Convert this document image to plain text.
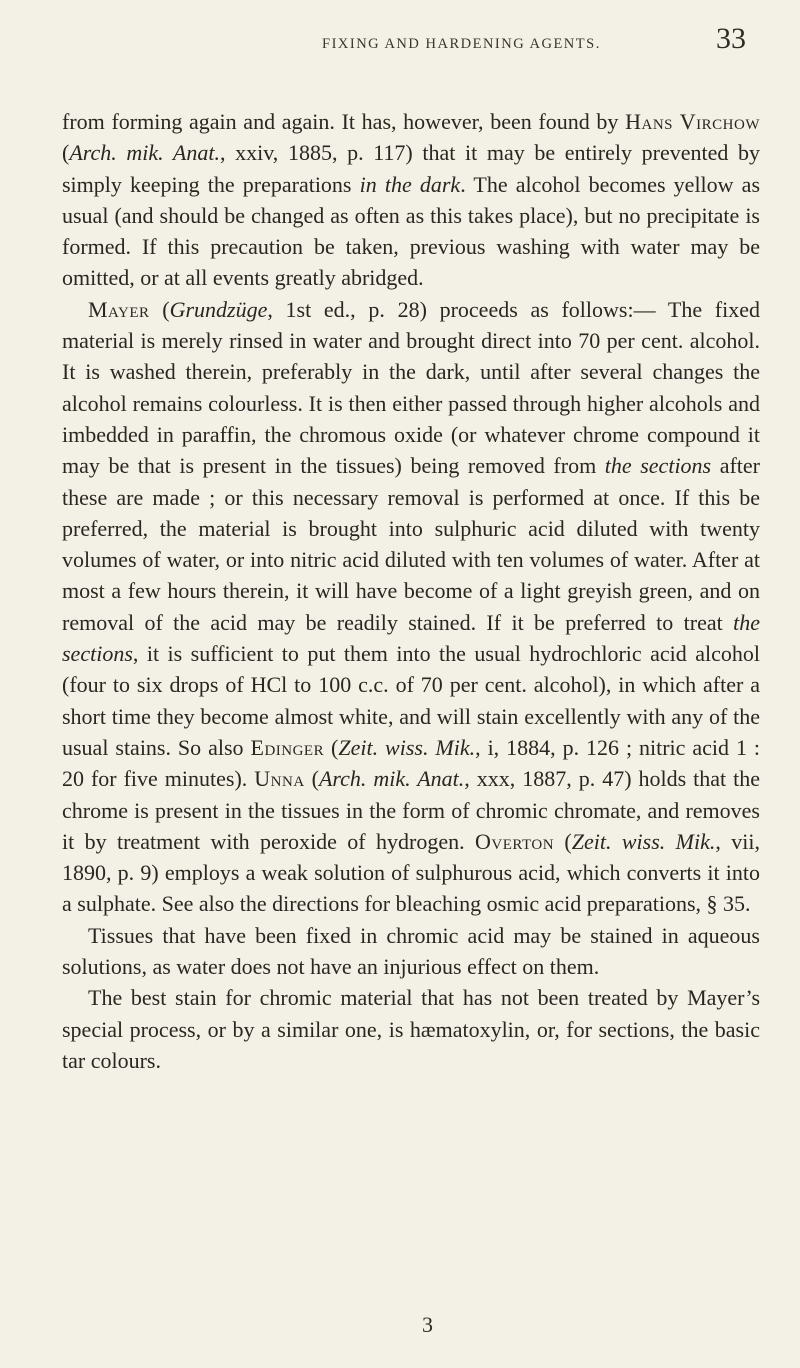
FIXING AND HARDENING AGENTS.	33

from forming again and again. It has, however, been found by Hans Virchow (Arch. mik. Anat., xxiv, 1885, p. 117) that it may be entirely prevented by simply keeping the preparations in the dark. The alcohol becomes yellow as usual (and should be changed as often as this takes place), but no precipitate is formed. If this precaution be taken, previous washing with water may be omitted, or at all events greatly abridged.

Mayer (Grundzüge, 1st ed., p. 28) proceeds as follows:— The fixed material is merely rinsed in water and brought direct into 70 per cent. alcohol. It is washed therein, preferably in the dark, until after several changes the alcohol remains colourless. It is then either passed through higher alcohols and imbedded in paraffin, the chromous oxide (or whatever chrome compound it may be that is present in the tissues) being removed from the sections after these are made ; or this necessary removal is performed at once. If this be preferred, the material is brought into sulphuric acid diluted with twenty volumes of water, or into nitric acid diluted with ten volumes of water. After at most a few hours therein, it will have become of a light greyish green, and on removal of the acid may be readily stained. If it be preferred to treat the sections, it is sufficient to put them into the usual hydrochloric acid alcohol (four to six drops of HCl to 100 c.c. of 70 per cent. alcohol), in which after a short time they become almost white, and will stain excellently with any of the usual stains. So also Edinger (Zeit. wiss. Mik., i, 1884, p. 126 ; nitric acid 1 : 20 for five minutes). Unna (Arch. mik. Anat., xxx, 1887, p. 47) holds that the chrome is present in the tissues in the form of chromic chromate, and removes it by treatment with peroxide of hydrogen. Overton (Zeit. wiss. Mik., vii, 1890, p. 9) employs a weak solution of sulphurous acid, which converts it into a sulphate. See also the directions for bleaching osmic acid preparations, § 35.

Tissues that have been fixed in chromic acid may be stained in aqueous solutions, as water does not have an injurious effect on them.

The best stain for chromic material that has not been treated by Mayer’s special process, or by a similar one, is hæmatoxylin, or, for sections, the basic tar colours.

3
